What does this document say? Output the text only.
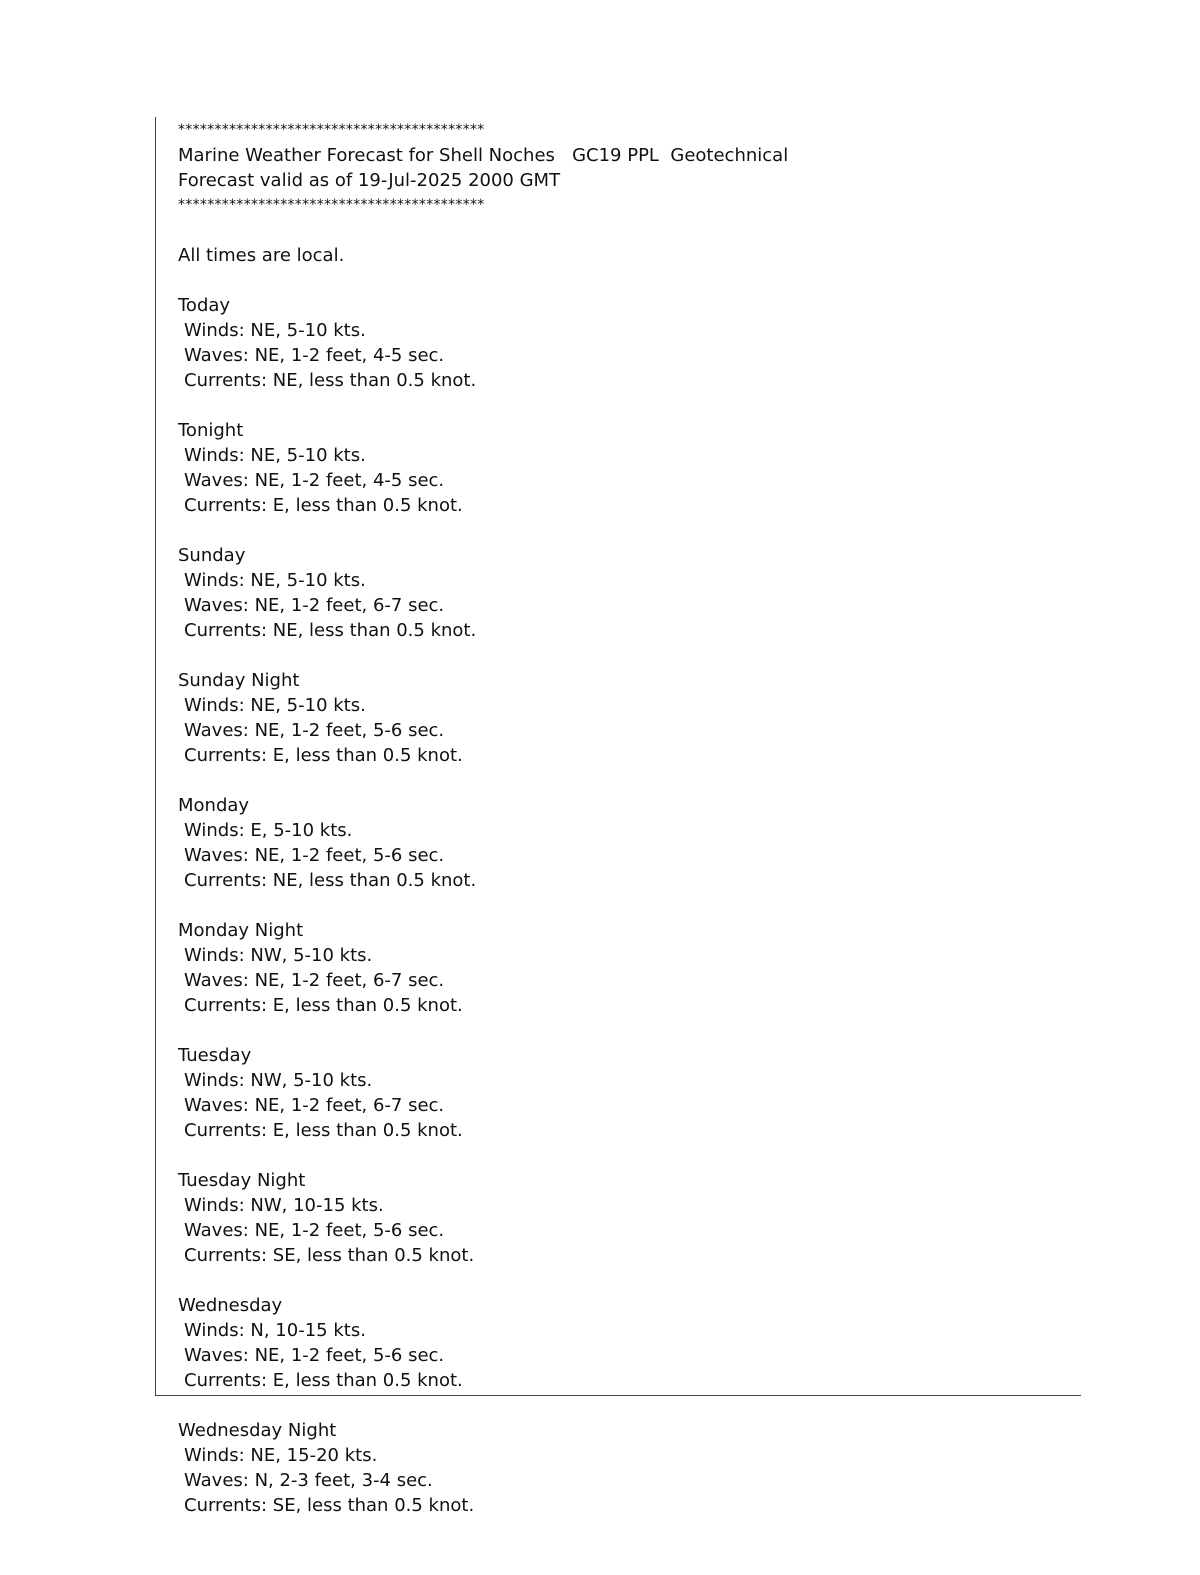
******************************************
Marine Weather Forecast for Shell Noches   GC19 PPL  Geotechnical
Forecast valid as of 19-Jul-2025 2000 GMT
******************************************
All times are local.
Today
Winds: NE, 5-10 kts.
Waves: NE, 1-2 feet, 4-5 sec.
Currents: NE, less than 0.5 knot.
Tonight
Winds: NE, 5-10 kts.
Waves: NE, 1-2 feet, 4-5 sec.
Currents: E, less than 0.5 knot.
Sunday
Winds: NE, 5-10 kts.
Waves: NE, 1-2 feet, 6-7 sec.
Currents: NE, less than 0.5 knot.
Sunday Night
Winds: NE, 5-10 kts.
Waves: NE, 1-2 feet, 5-6 sec.
Currents: E, less than 0.5 knot.
Monday
Winds: E, 5-10 kts.
Waves: NE, 1-2 feet, 5-6 sec.
Currents: NE, less than 0.5 knot.
Monday Night
Winds: NW, 5-10 kts.
Waves: NE, 1-2 feet, 6-7 sec.
Currents: E, less than 0.5 knot.
Tuesday
Winds: NW, 5-10 kts.
Waves: NE, 1-2 feet, 6-7 sec.
Currents: E, less than 0.5 knot.
Tuesday Night
Winds: NW, 10-15 kts.
Waves: NE, 1-2 feet, 5-6 sec.
Currents: SE, less than 0.5 knot.
Wednesday
Winds: N, 10-15 kts.
Waves: NE, 1-2 feet, 5-6 sec.
Currents: E, less than 0.5 knot.
Wednesday Night
Winds: NE, 15-20 kts.
Waves: N, 2-3 feet, 3-4 sec.
Currents: SE, less than 0.5 knot.
